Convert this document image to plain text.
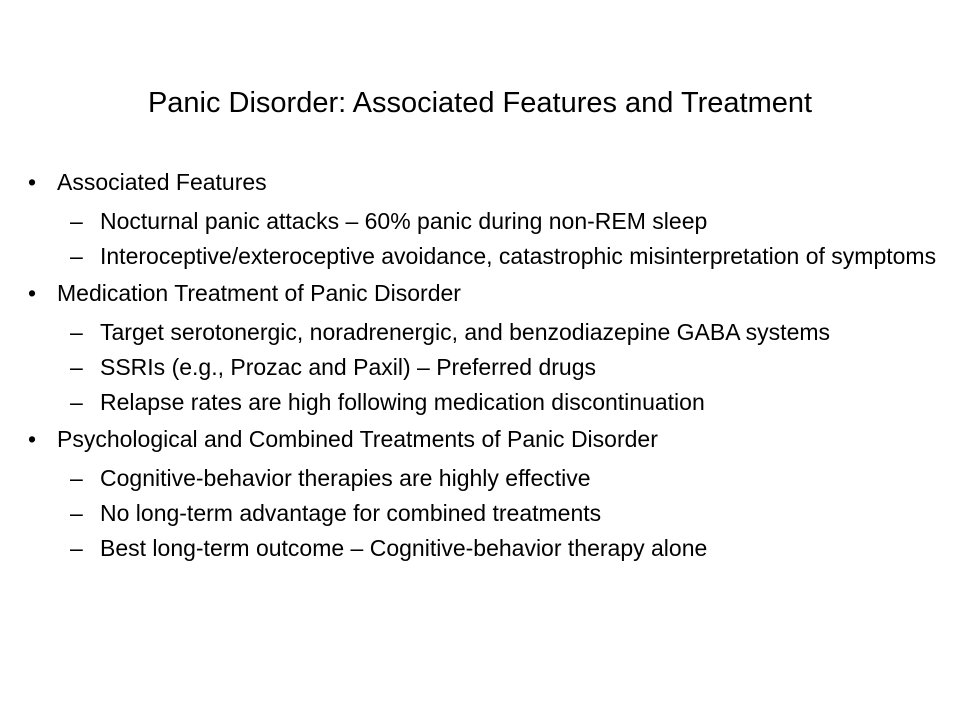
Panic Disorder: Associated Features and Treatment
• Associated Features
– Nocturnal panic attacks – 60% panic during non-REM sleep
– Interoceptive/exteroceptive avoidance, catastrophic misinterpretation of symptoms
• Medication Treatment of Panic Disorder
– Target serotonergic, noradrenergic, and benzodiazepine GABA systems
– SSRIs (e.g., Prozac and Paxil) – Preferred drugs
– Relapse rates are high following medication discontinuation
• Psychological and Combined Treatments of Panic Disorder
– Cognitive-behavior therapies are highly effective
– No long-term advantage for combined treatments
– Best long-term outcome – Cognitive-behavior therapy alone
